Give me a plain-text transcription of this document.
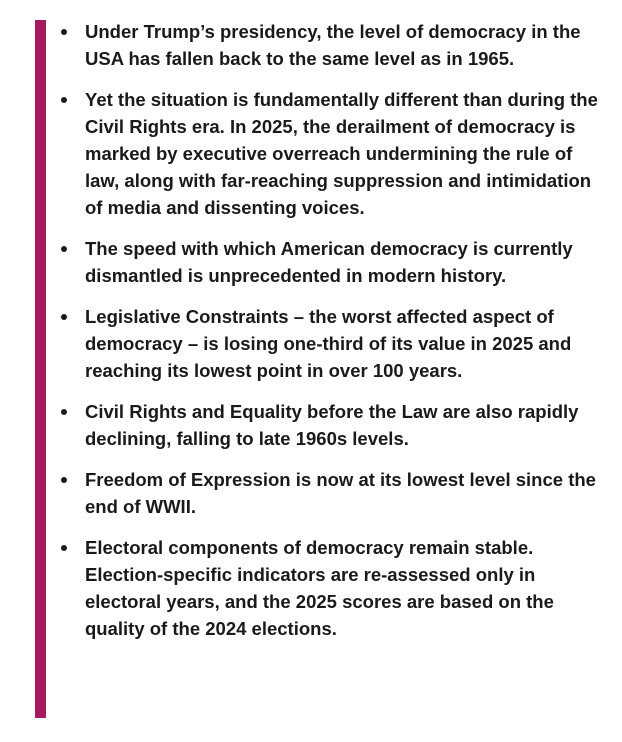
Under Trump’s presidency, the level of democracy in the USA has fallen back to the same level as in 1965.
Yet the situation is fundamentally different than during the Civil Rights era. In 2025, the derailment of democracy is marked by executive overreach undermining the rule of law, along with far-reaching suppression and intimidation of media and dissenting voices.
The speed with which American democracy is currently dismantled is unprecedented in modern history.
Legislative Constraints – the worst affected aspect of democracy – is losing one-third of its value in 2025 and reaching its lowest point in over 100 years.
Civil Rights and Equality before the Law are also rapidly declining, falling to late 1960s levels.
Freedom of Expression is now at its lowest level since the end of WWII.
Electoral components of democracy remain stable. Election-specific indicators are re-assessed only in electoral years, and the 2025 scores are based on the quality of the 2024 elections.
